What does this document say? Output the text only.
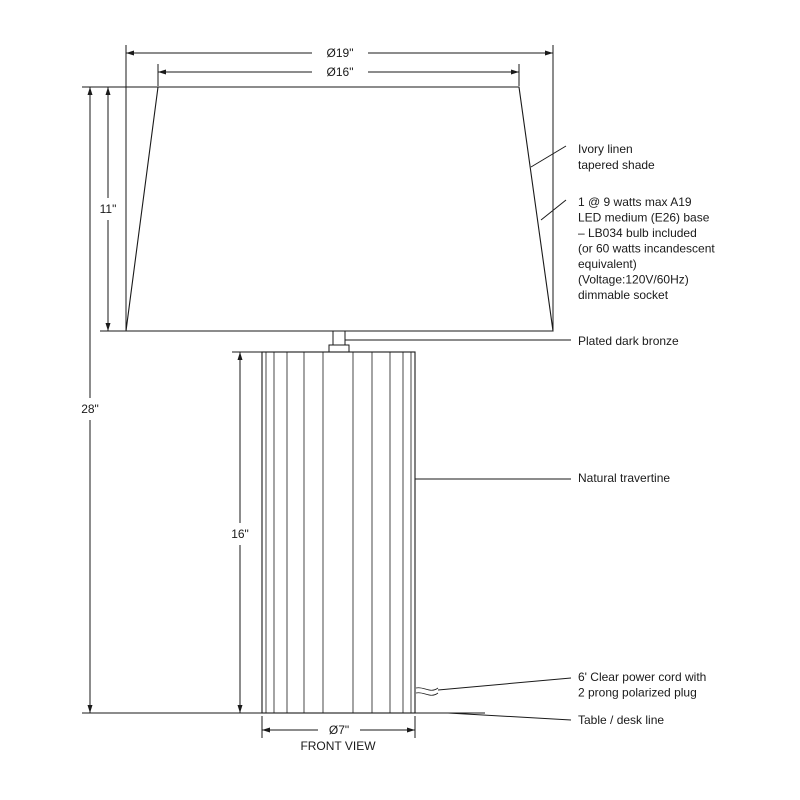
Ø19"
Ø16"
11"
28"
16"
Ø7"
Ivory linen tapered shade
1 @ 9 watts max A19 LED medium (E26) base – LB034 bulb included (or 60 watts incandescent equivalent) (Voltage:120V/60Hz) dimmable socket
Plated dark bronze
Natural travertine
6' Clear power cord with 2 prong polarized plug
Table / desk line
FRONT VIEW
